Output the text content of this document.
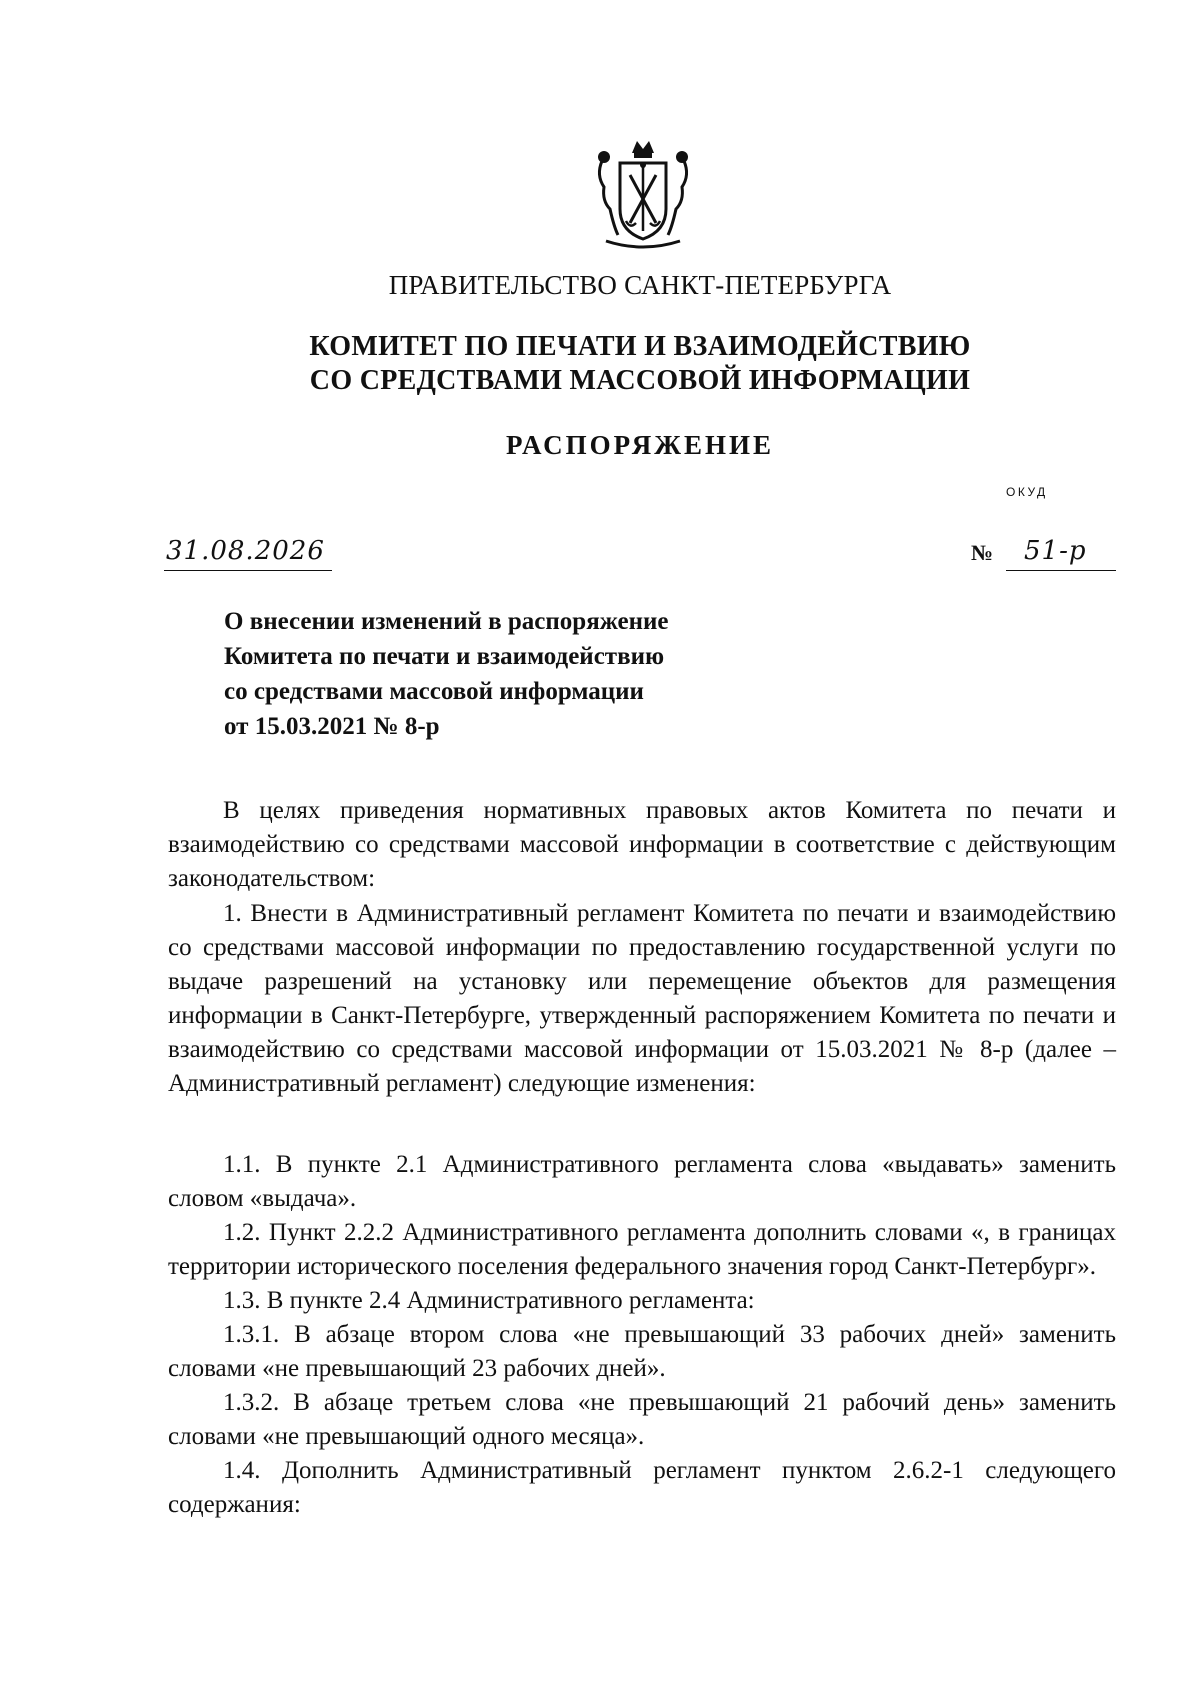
ПРАВИТЕЛЬСТВО САНКТ-ПЕТЕРБУРГА
КОМИТЕТ ПО ПЕЧАТИ И ВЗАИМОДЕЙСТВИЮ
СО СРЕДСТВАМИ МАССОВОЙ ИНФОРМАЦИИ
РАСПОРЯЖЕНИЕ
ОКУД
31.08.2026	№ 51-р
О внесении изменений в распоряжение
Комитета по печати и взаимодействию
со средствами массовой информации
от 15.03.2021 № 8-р

В целях приведения нормативных правовых актов Комитета по печати и взаимодействию со средствами массовой информации в соответствие с действующим законодательством:

1. Внести в Административный регламент Комитета по печати и взаимодействию со средствами массовой информации по предоставлению государственной услуги по выдаче разрешений на установку или перемещение объектов для размещения информации в Санкт-Петербурге, утвержденный распоряжением Комитета по печати и взаимодействию со средствами массовой информации от 15.03.2021 № 8-р (далее – Административный регламент) следующие изменения:

1.1. В пункте 2.1 Административного регламента слова «выдавать» заменить словом «выдача».

1.2. Пункт 2.2.2 Административного регламента дополнить словами «, в границах территории исторического поселения федерального значения город Санкт-Петербург».

1.3. В пункте 2.4 Административного регламента:

1.3.1. В абзаце втором слова «не превышающий 33 рабочих дней» заменить словами «не превышающий 23 рабочих дней».

1.3.2. В абзаце третьем слова «не превышающий 21 рабочий день» заменить словами «не превышающий одного месяца».

1.4. Дополнить Административный регламент пунктом 2.6.2-1 следующего содержания:
